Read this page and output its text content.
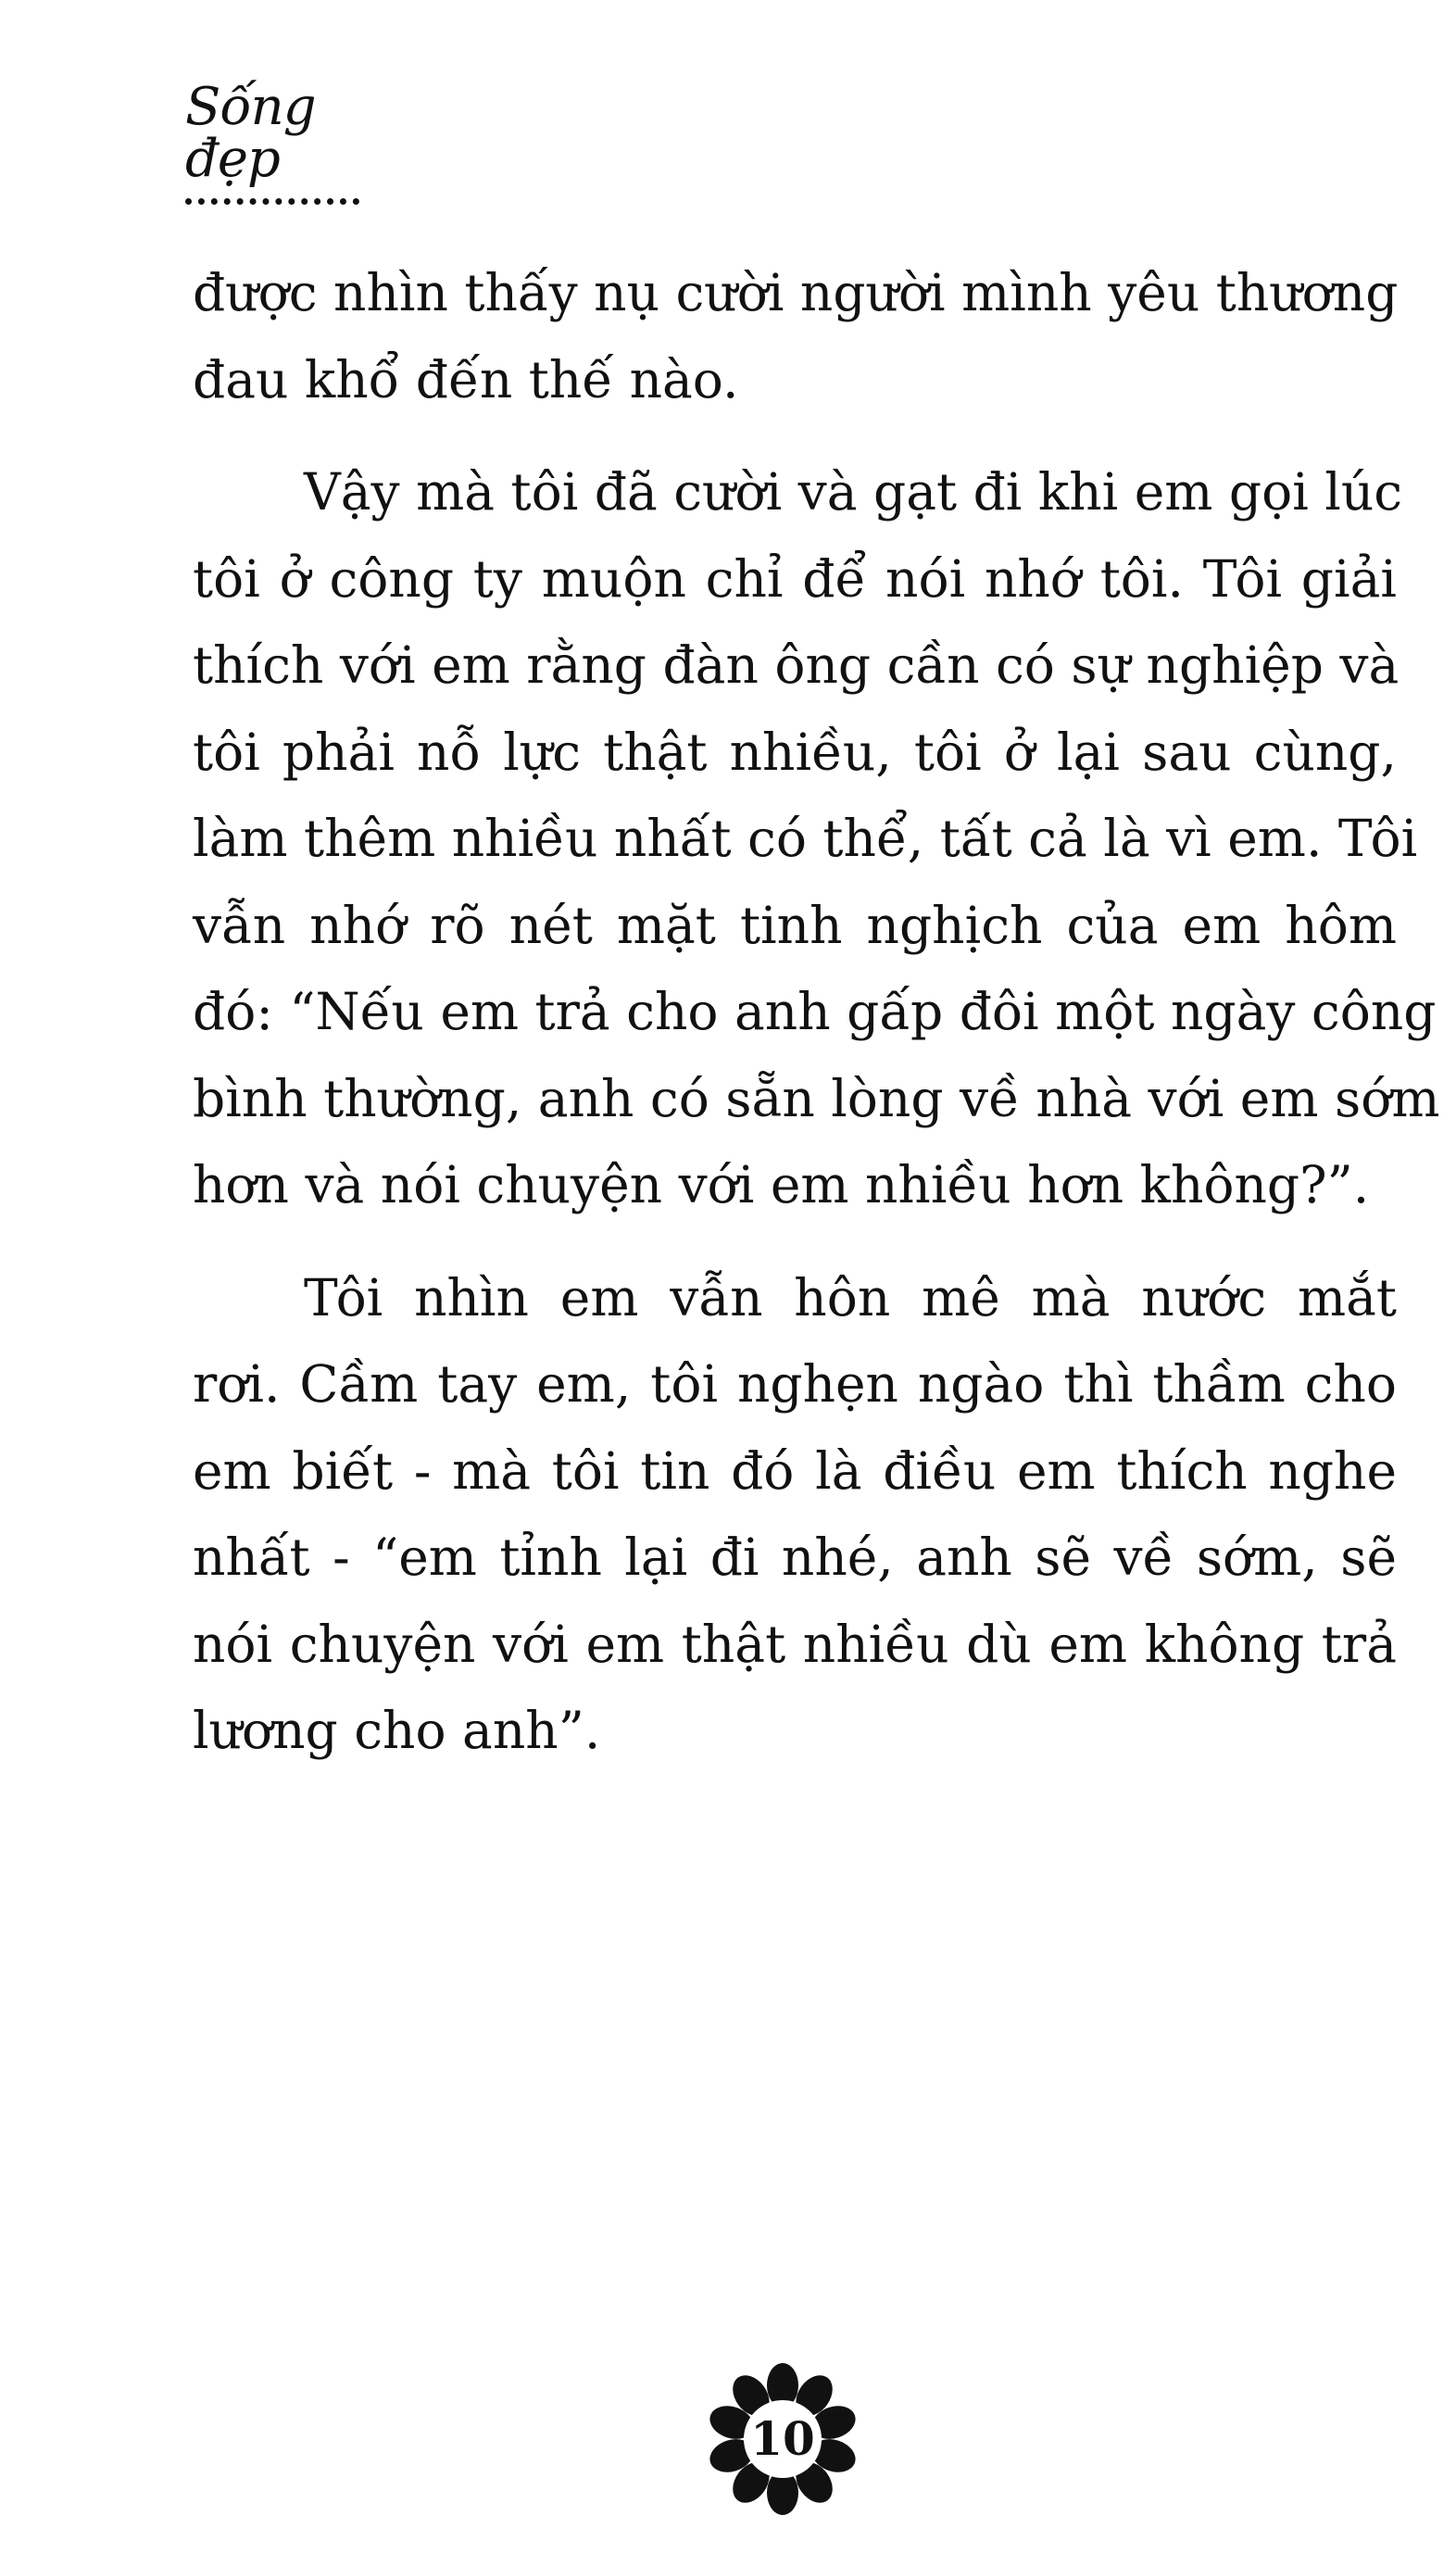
Sống đẹp

được nhìn thấy nụ cười người mình yêu thương
đau khổ đến thế nào.

Vậy mà tôi đã cười và gạt đi khi em gọi lúc
tôi ở công ty muộn chỉ để nói nhớ tôi. Tôi giải
thích với em rằng đàn ông cần có sự nghiệp và
tôi phải nỗ lực thật nhiều, tôi ở lại sau cùng,
làm thêm nhiều nhất có thể, tất cả là vì em. Tôi
vẫn nhớ rõ nét mặt tinh nghịch của em hôm
đó: “Nếu em trả cho anh gấp đôi một ngày công
bình thường, anh có sẵn lòng về nhà với em sớm
hơn và nói chuyện với em nhiều hơn không?”.

Tôi nhìn em vẫn hôn mê mà nước mắt
rơi. Cầm tay em, tôi nghẹn ngào thì thầm cho
em biết - mà tôi tin đó là điều em thích nghe
nhất - “em tỉnh lại đi nhé, anh sẽ về sớm, sẽ
nói chuyện với em thật nhiều dù em không trả
lương cho anh”.

10
